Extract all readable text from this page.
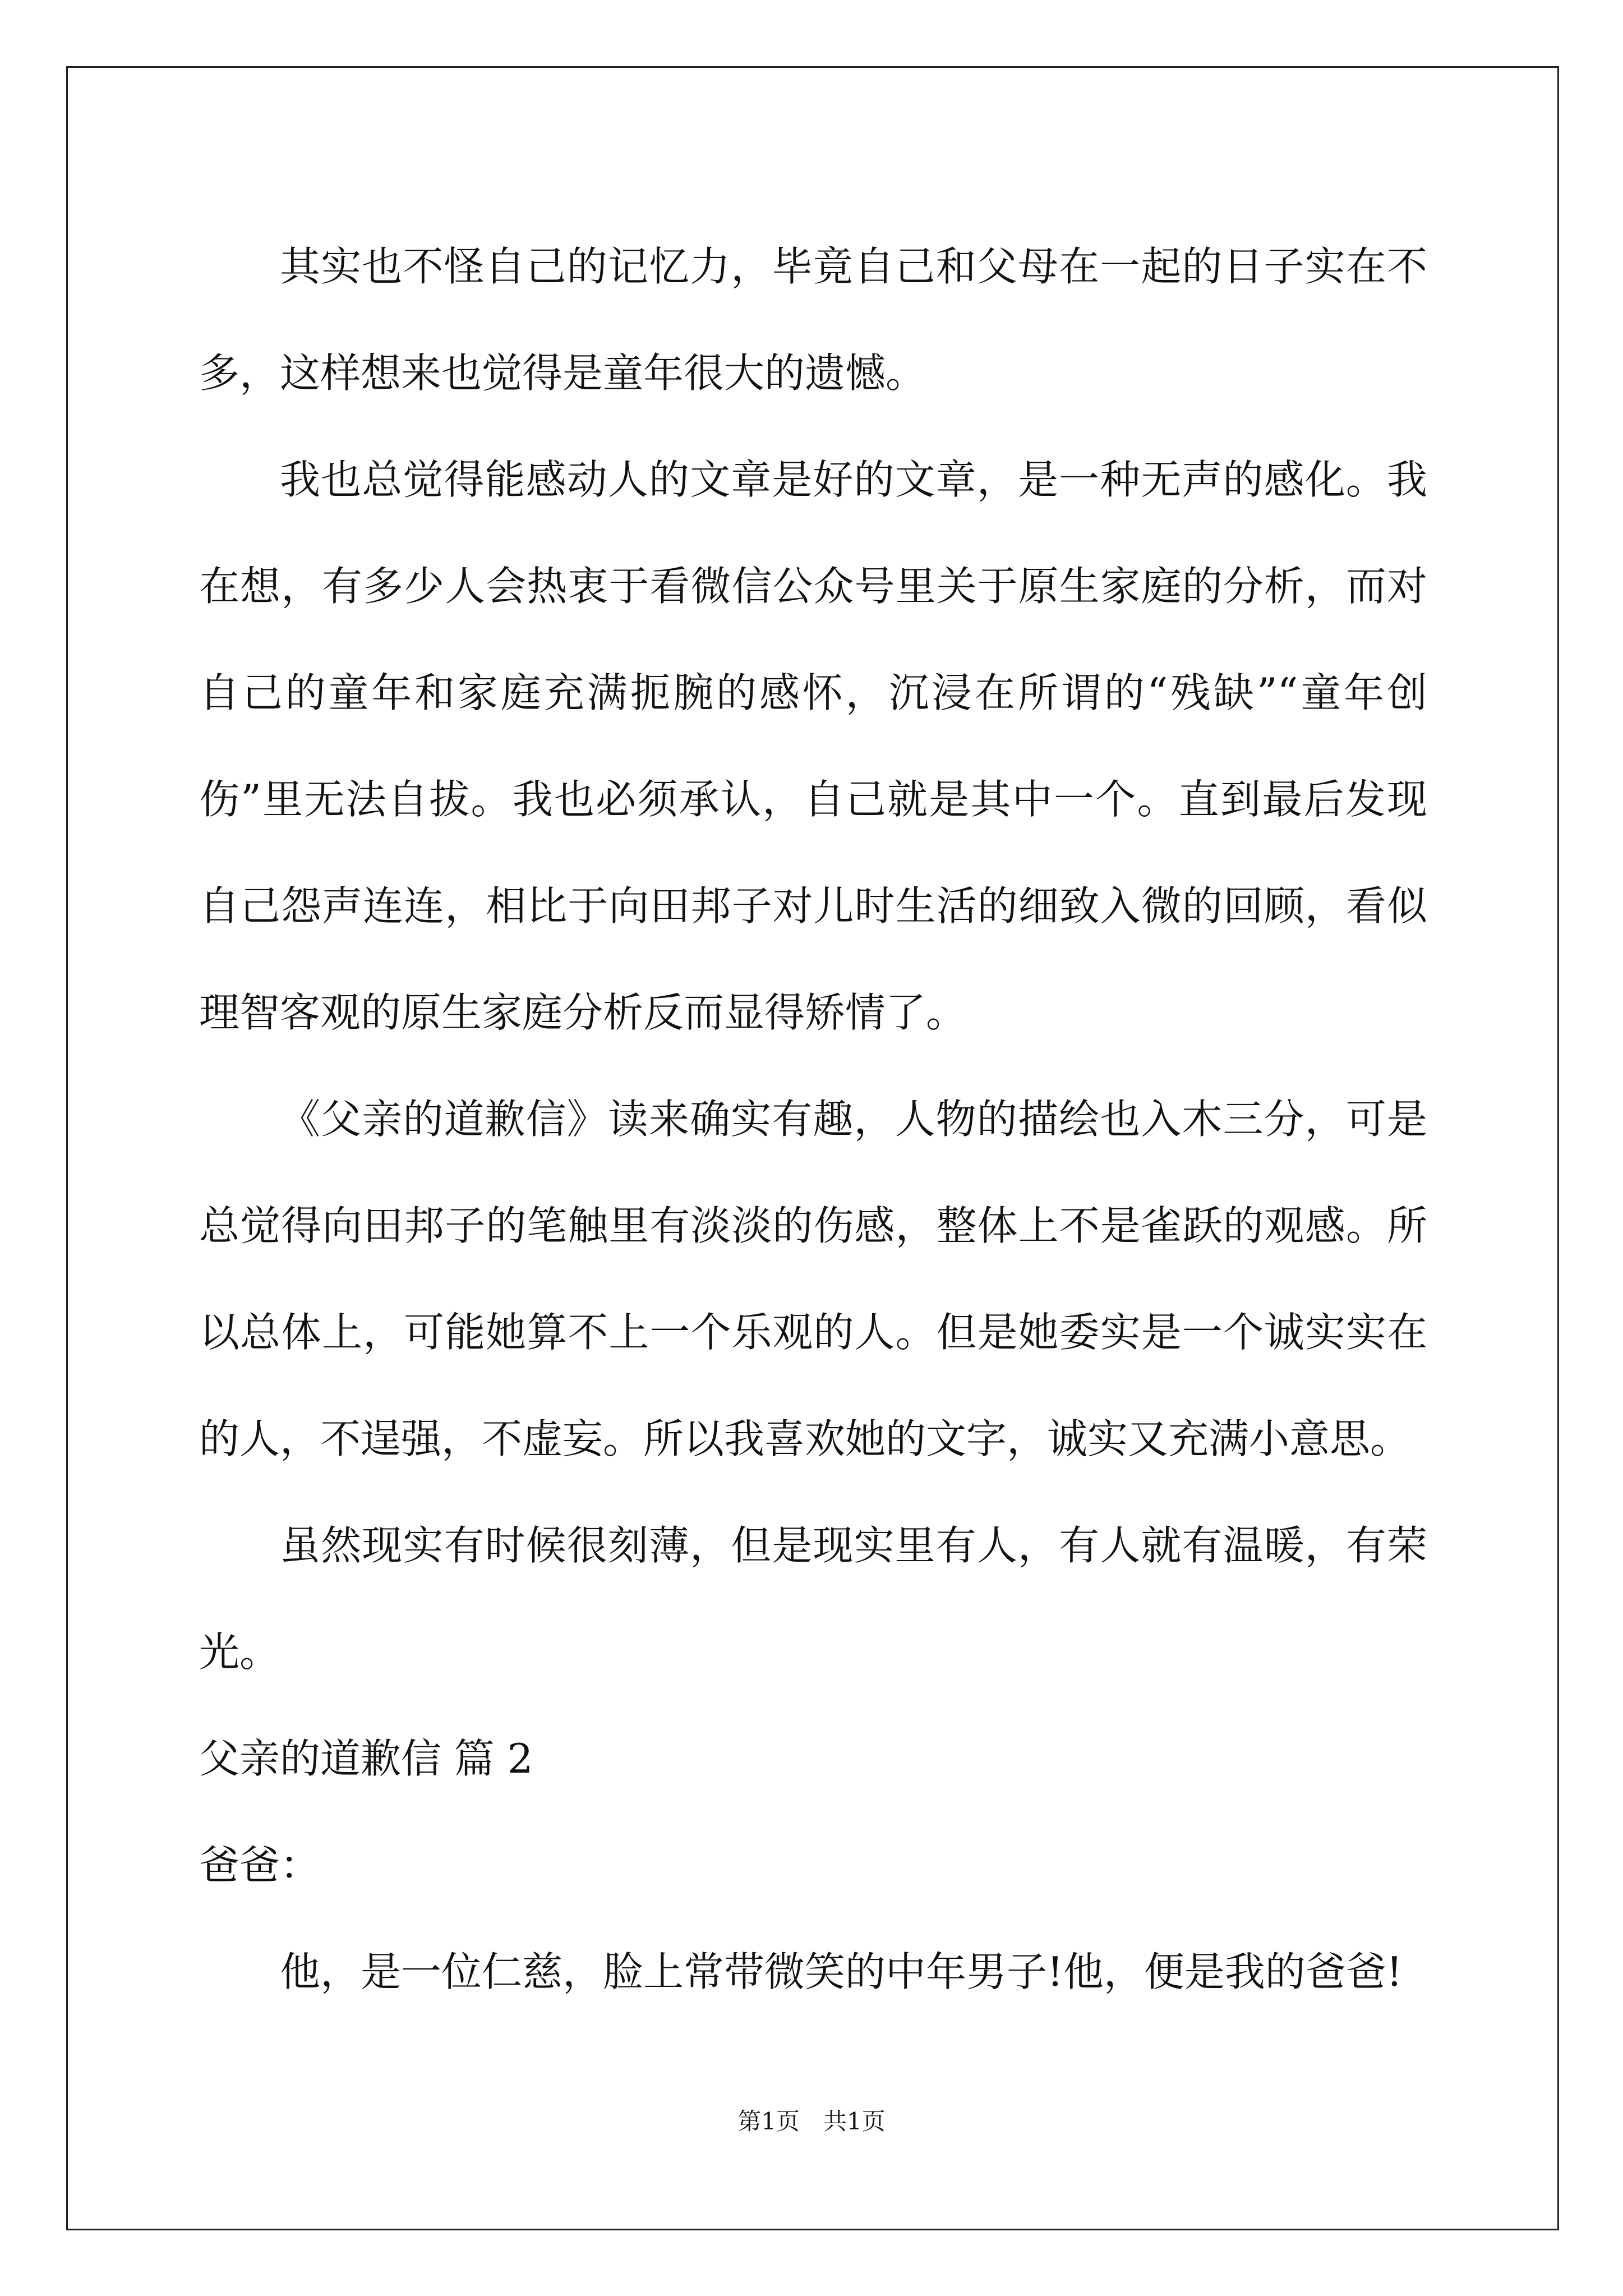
其实也不怪自己的记忆力，毕竟自己和父母在一起的日子实在不多，这样想来也觉得是童年很大的遗憾。

我也总觉得能感动人的文章是好的文章，是一种无声的感化。我在想，有多少人会热衷于看微信公众号里关于原生家庭的分析，而对自己的童年和家庭充满扼腕的感怀，沉浸在所谓的“残缺”“童年创伤”里无法自拔。我也必须承认，自己就是其中一个。直到最后发现自己怨声连连，相比于向田邦子对儿时生活的细致入微的回顾，看似理智客观的原生家庭分析反而显得矫情了。

《父亲的道歉信》读来确实有趣，人物的描绘也入木三分，可是总觉得向田邦子的笔触里有淡淡的伤感，整体上不是雀跃的观感。所以总体上，可能她算不上一个乐观的人。但是她委实是一个诚实实在的人，不逞强，不虚妄。所以我喜欢她的文字，诚实又充满小意思。

虽然现实有时候很刻薄，但是现实里有人，有人就有温暖，有荣光。

父亲的道歉信 篇 2

爸爸：

他，是一位仁慈，脸上常带微笑的中年男子!他，便是我的爸爸!

第1页　共1页
